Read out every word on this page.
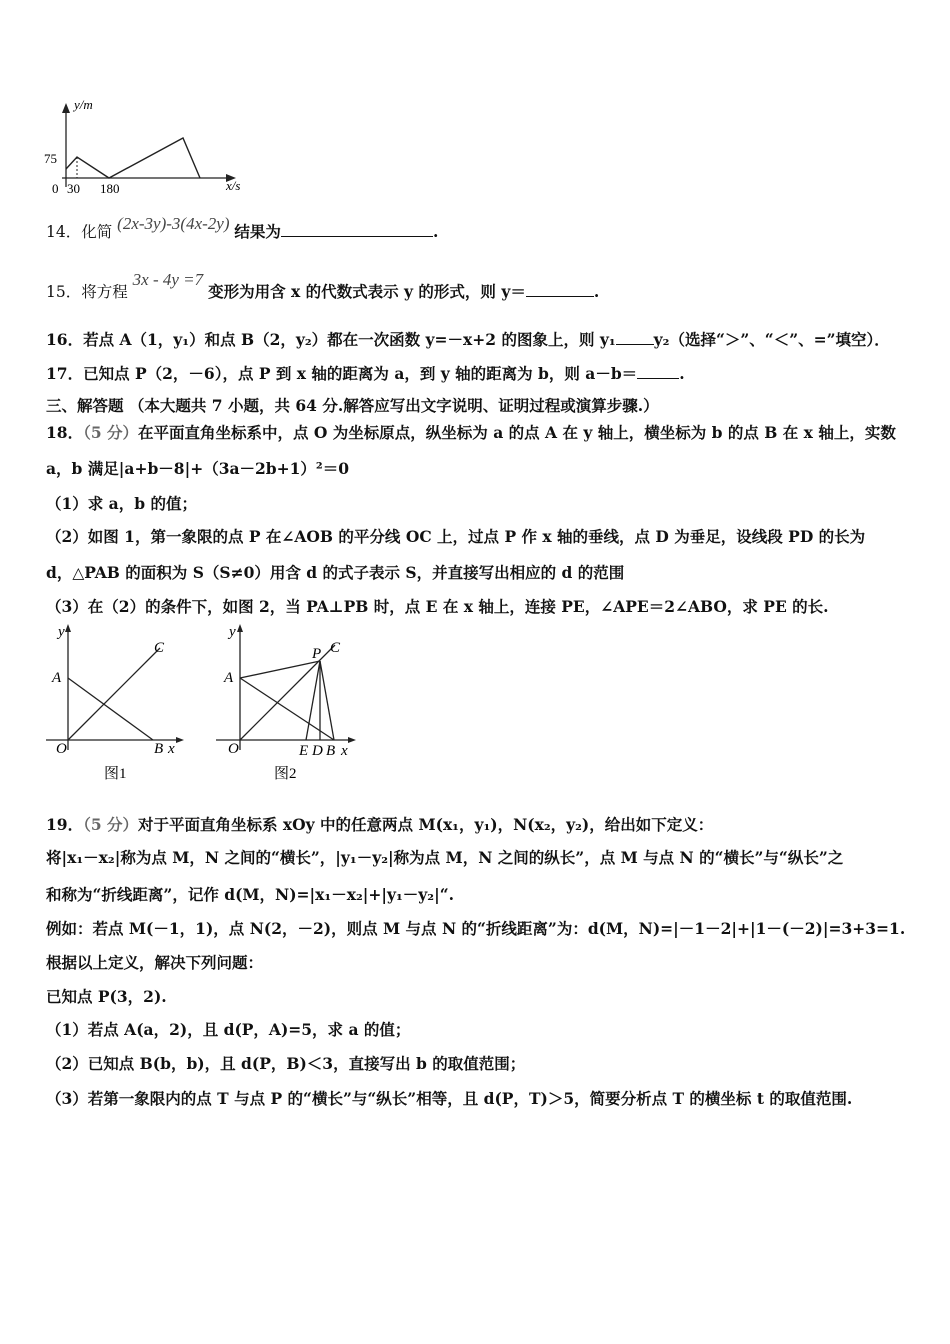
y/m
x/s
75
0 30 180
14．化简 (2x-3y)-3(4x-2y) 结果为	.
15．将方程 3x - 4y =7 变形为用含 x 的代数式表示 y 的形式，则 y＝	.
16．若点 A（1，y₁）和点 B（2，y₂）都在一次函数 y=－x+2 的图象上，则 y₁ y₂（选择“＞”、“＜”、=”填空）．
17．已知点 P（2，－6），点 P 到 x 轴的距离为 a，到 y 轴的距离为 b，则 a－b＝	.
三、解答题 （本大题共 7 小题，共 64 分.解答应写出文字说明、证明过程或演算步骤.）
18．（5 分）在平面直角坐标系中，点 O 为坐标原点，纵坐标为 a 的点 A 在 y 轴上，横坐标为 b 的点 B 在 x 轴上，实数
a，b 满足|a+b－8|+（3a－2b+1）²＝0
（1）求 a，b 的值；
（2）如图 1，第一象限的点 P 在∠AOB 的平分线 OC 上，过点 P 作 x 轴的垂线，点 D 为垂足，设线段 PD 的长为
d，△PAB 的面积为 S（S≠0）用含 d 的式子表示 S，并直接写出相应的 d 的范围
（3）在（2）的条件下，如图 2，当 PA⊥PB 时，点 E 在 x 轴上，连接 PE，∠APE＝2∠ABO，求 PE 的长.
y
A
C
O	B x
图1
y
A
P C
O	E D B x
图2
19．（5 分）对于平面直角坐标系 xOy 中的任意两点 M(x₁，y₁)，N(x₂，y₂)，给出如下定义：
将|x₁－x₂|称为点 M，N 之间的“横长”，|y₁－y₂|称为点 M，N 之间的纵长”，点 M 与点 N 的“横长”与“纵长”之
和称为“折线距离”，记作 d(M，N)=|x₁－x₂|+|y₁－y₂|“.
例如：若点 M(－1，1)，点 N(2，－2)，则点 M 与点 N 的“折线距离”为：d(M，N)=|－1－2|+|1－(－2)|=3+3=1.
根据以上定义，解决下列问题：
已知点 P(3，2).
（1）若点 A(a，2)，且 d(P，A)=5，求 a 的值；
（2）已知点 B(b，b)，且 d(P，B)＜3，直接写出 b 的取值范围；
（3）若第一象限内的点 T 与点 P 的“横长”与“纵长”相等，且 d(P，T)＞5，简要分析点 T 的横坐标 t 的取值范围.
